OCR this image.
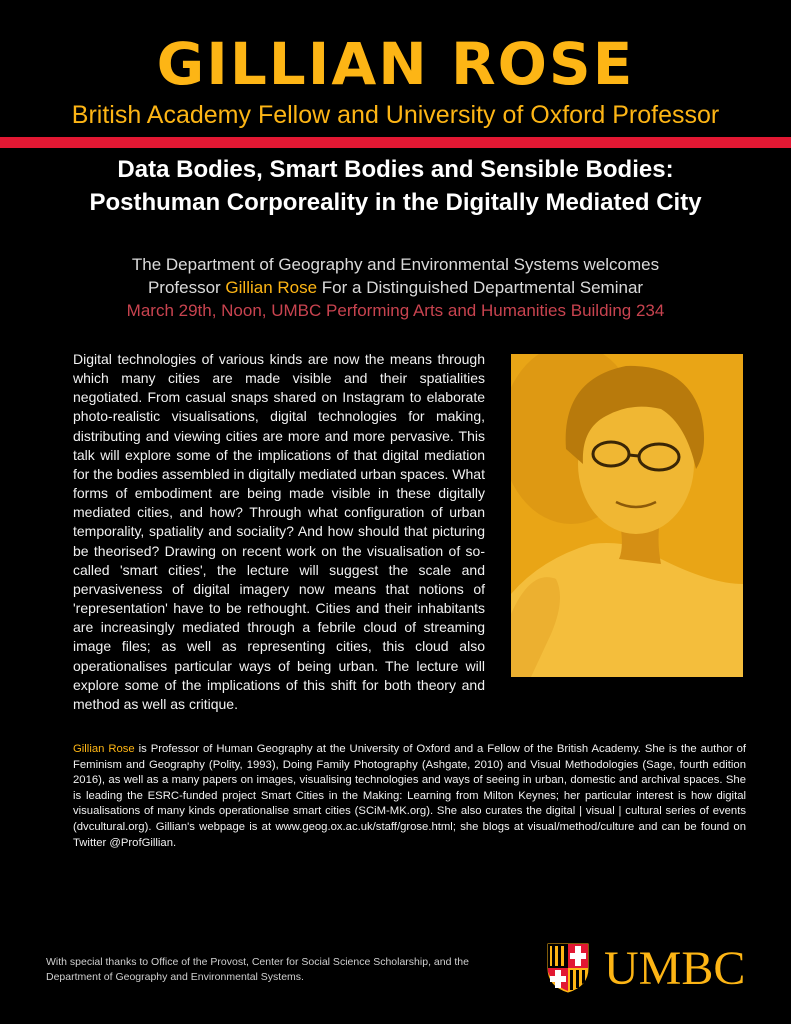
GILLIAN ROSE
British Academy Fellow and University of Oxford Professor
Data Bodies, Smart Bodies and Sensible Bodies:
Posthuman Corporeality in the Digitally Mediated City
The Department of Geography and Environmental Systems welcomes
Professor Gillian Rose For a Distinguished Departmental Seminar
March 29th, Noon, UMBC Performing Arts and Humanities Building 234
Digital technologies of various kinds are now the means through which many cities are made visible and their spatialities negotiated. From casual snaps shared on Instagram to elaborate photo-realistic visualisations, digital technologies for making, distributing and viewing cities are more and more pervasive. This talk will explore some of the implications of that digital mediation for the bodies assembled in digitally mediated urban spaces. What forms of embodiment are being made visible in these digitally mediated cities, and how? Through what configuration of urban temporality, spatiality and sociality? And how should that picturing be theorised? Drawing on recent work on the visualisation of so-called 'smart cities', the lecture will suggest the scale and pervasiveness of digital imagery now means that notions of 'representation' have to be rethought. Cities and their inhabitants are increasingly mediated through a febrile cloud of streaming image files; as well as representing cities, this cloud also operationalises particular ways of being urban. The lecture will explore some of the implications of this shift for both theory and method as well as critique.
Gillian Rose is Professor of Human Geography at the University of Oxford and a Fellow of the British Academy. She is the author of Feminism and Geography (Polity, 1993), Doing Family Photography (Ashgate, 2010) and Visual Methodologies (Sage, fourth edition 2016), as well as a many papers on images, visualising technologies and ways of seeing in urban, domestic and archival spaces. She is leading the ESRC-funded project Smart Cities in the Making: Learning from Milton Keynes; her particular interest is how digital visualisations of many kinds operationalise smart cities (SCiM-MK.org). She also curates the digital | visual | cultural series of events (dvcultural.org). Gillian's webpage is at www.geog.ox.ac.uk/staff/grose.html; she blogs at visual/method/culture and can be found on Twitter @ProfGillian.
With special thanks to Office of the Provost, Center for Social Science Scholarship, and the
Department of Geography and Environmental Systems.	UMBC
